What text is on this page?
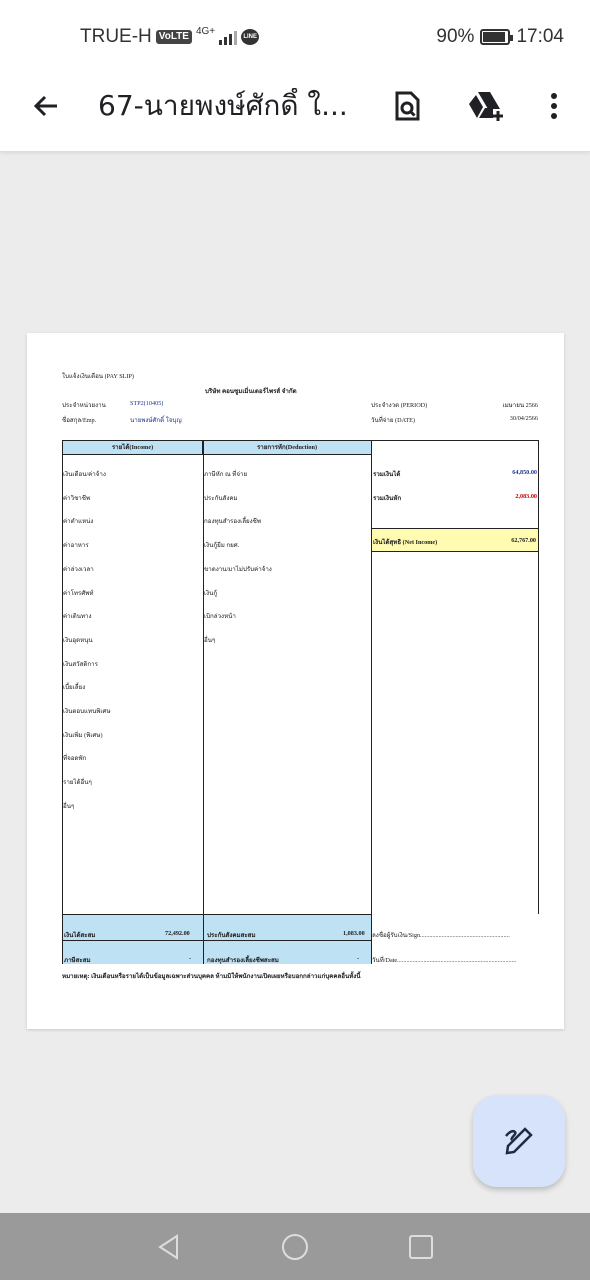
TRUE-H VoLTE 4G+	LINE	90% 17:04
67-นายพงษ์ศักดิ์ ใ...
ใบแจ้งเงินเดือน (PAY SLIP)
บริษัท คอนซูมเมิ่นเตอร์ไพรส์ จำกัด
ประจำหน่วยงาน	STP2(10405)
ชื่อสกุล/Emp.	นายพงษ์ศักดิ์ ใจบุญ
ประจำงวด (PERIOD)	เมษายน 2566
วันที่จ่าย (DATE)	30/04/2566
รายได้(Income)	รายการหัก(Deduction)
เงินเดือน/ค่าจ้าง
ค่าวิชาชีพ
ค่าตำแหน่ง
ค่าอาหาร
ค่าล่วงเวลา
ค่าโทรศัพท์
ค่าเดินทาง
เงินอุดหนุน
เงินสวัสดิการ
เบี้ยเลี้ยง
เงินตอบแทนพิเศษ
เงินเพิ่ม (พิเศษ)
ที่จอดพัก
รายได้อื่นๆ
อื่นๆ
ภาษีหัก ณ ที่จ่าย
ประกันสังคม
กองทุนสำรองเลี้ยงชีพ
เงินกู้ยืม กยศ.
ขาดงาน/มาไม่ปรับค่าจ้าง
เงินกู้
เบิกล่วงหน้า
อื่นๆ
รวมเงินได้	64,850.00
รวมเงินหัก	2,083.00
เงินได้สุทธิ (Net Income)	62,767.00
เงินได้สะสม	72,492.00	ประกันสังคมสะสม	1,083.00
ภาษีสะสม	-	กองทุนสำรองเลี้ยงชีพสะสม	-
ลงชื่อผู้รับเงิน/Sign..........................................................
วันที่/Date.............................................................................
หมายเหตุ: เงินเดือนหรือรายได้เป็นข้อมูลเฉพาะส่วนบุคคล ห้ามมิให้พนักงานเปิดเผยหรือบอกกล่าวแก่บุคคลอื่นทั้งนี้
